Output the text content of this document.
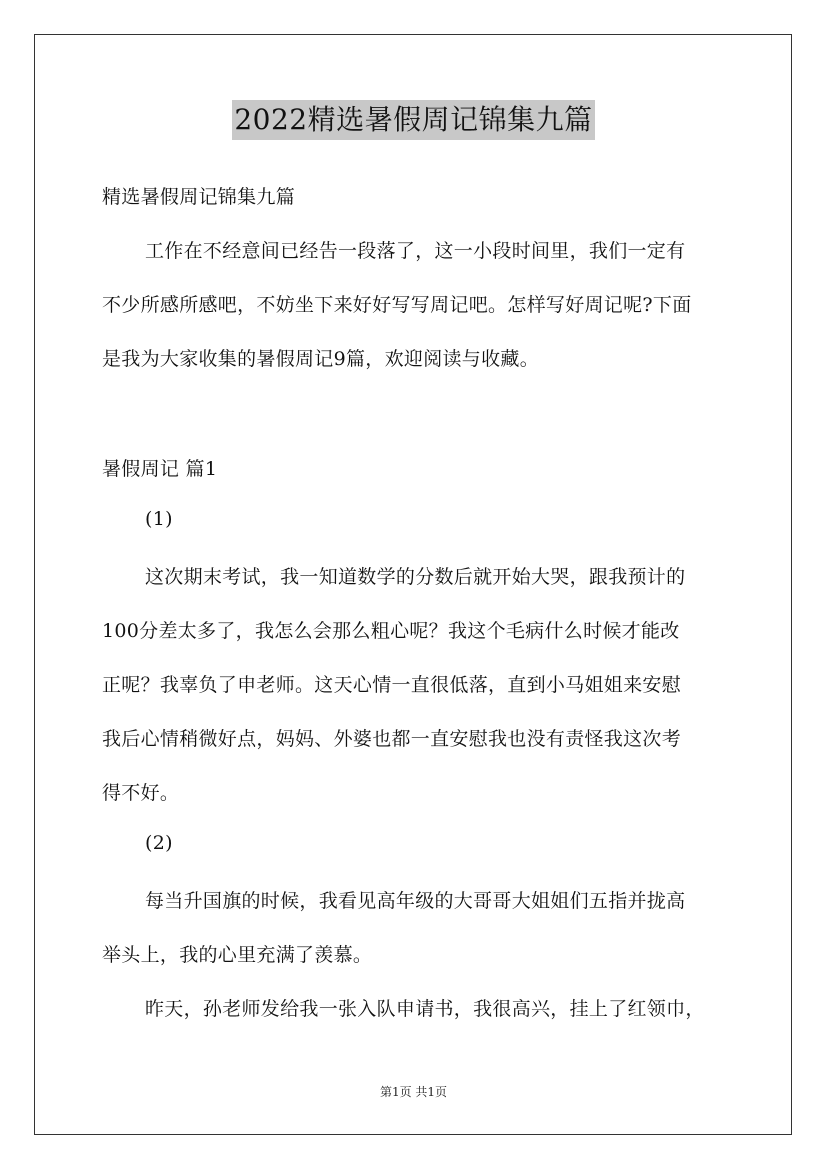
2022精选暑假周记锦集九篇
精选暑假周记锦集九篇
工作在不经意间已经告一段落了，这一小段时间里，我们一定有
不少所感所感吧，不妨坐下来好好写写周记吧。怎样写好周记呢?下面
是我为大家收集的暑假周记9篇，欢迎阅读与收藏。
暑假周记 篇1
(1)
这次期末考试，我一知道数学的分数后就开始大哭，跟我预计的
100分差太多了，我怎么会那么粗心呢？我这个毛病什么时候才能改
正呢？我辜负了申老师。这天心情一直很低落，直到小马姐姐来安慰
我后心情稍微好点，妈妈、外婆也都一直安慰我也没有责怪我这次考
得不好。
(2)
每当升国旗的时候，我看见高年级的大哥哥大姐姐们五指并拢高
举头上，我的心里充满了羡慕。
昨天，孙老师发给我一张入队申请书，我很高兴，挂上了红领巾，
第1页 共1页
